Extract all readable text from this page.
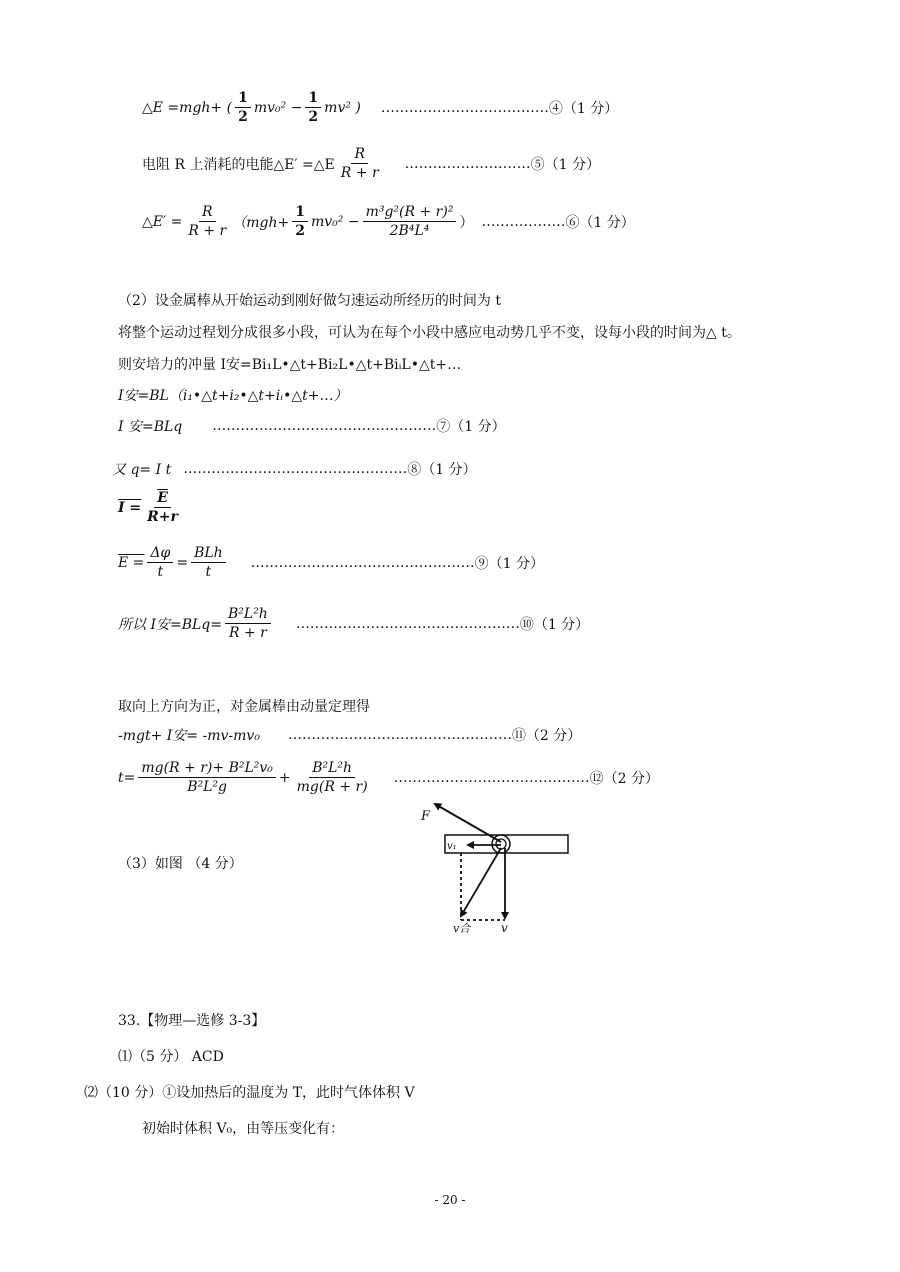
△E =mgh+ ( $\frac{1}{2} mv_0^2 - \frac{1}{2} mv^2$ ) ……………………………… ④（1 分）
电阻 R 上消耗的电能△E′ =△E $\frac{R}{R + r}$ ……………………… ⑤（1 分）
△E′ = $\frac{R}{R + r} (mgh+ \frac{1}{2} mv_0^2 - \frac{\text{m³g²(R + r)²}}{\text{2B⁴L⁴}}$ ） ……………… ⑥（1 分）
（2）设金属棒从开始运动到刚好做匀速运动所经历的时间为 t
将整个运动过程划分成很多小段，可认为在每个小段中感应电动势几乎不变，设每小段的时间为△ t。
则安培力的冲量 I安=Bi₁L•△t+Bi₂L•△t+BiᵢL•△t+…
I安=BL（i₁•△t+i₂•△t+iᵢ•△t+…）
I 安=BLq ………………………………………… ⑦（1 分）
又 q= I t ………………………………………… ⑧（1 分）
$I = \frac{\overline{E}}{R+r}$
$E = \frac{\Delta\varphi}{t} = \frac{\text{BLh}}{t}$ ………………………………………… ⑨（1 分）
所以 I安$=BLq= \frac{\text{B²L²h}}{R + r}$ ………………………………………… ⑩（1 分）
取向上方向为正，对金属棒由动量定理得
-mgt+ I安= -mv-mv₀ ………………………………………… ⑪（2 分）
$t= \frac{\text{mg(R + r)+ B²L²v₀}}{\text{B²L²g}} + \frac{\text{B²L²h}}{mg(R + r)}$ …………………………………… ⑫（2 分）
（3）如图 （4 分）
F
v₁
v合	v
33.【物理—选修 3-3】
⑴（5 分） ACD
⑵（10 分）①设加热后的温度为 T，此时气体体积 V
初始时体积 V₀，由等压变化有：
- 20 -
